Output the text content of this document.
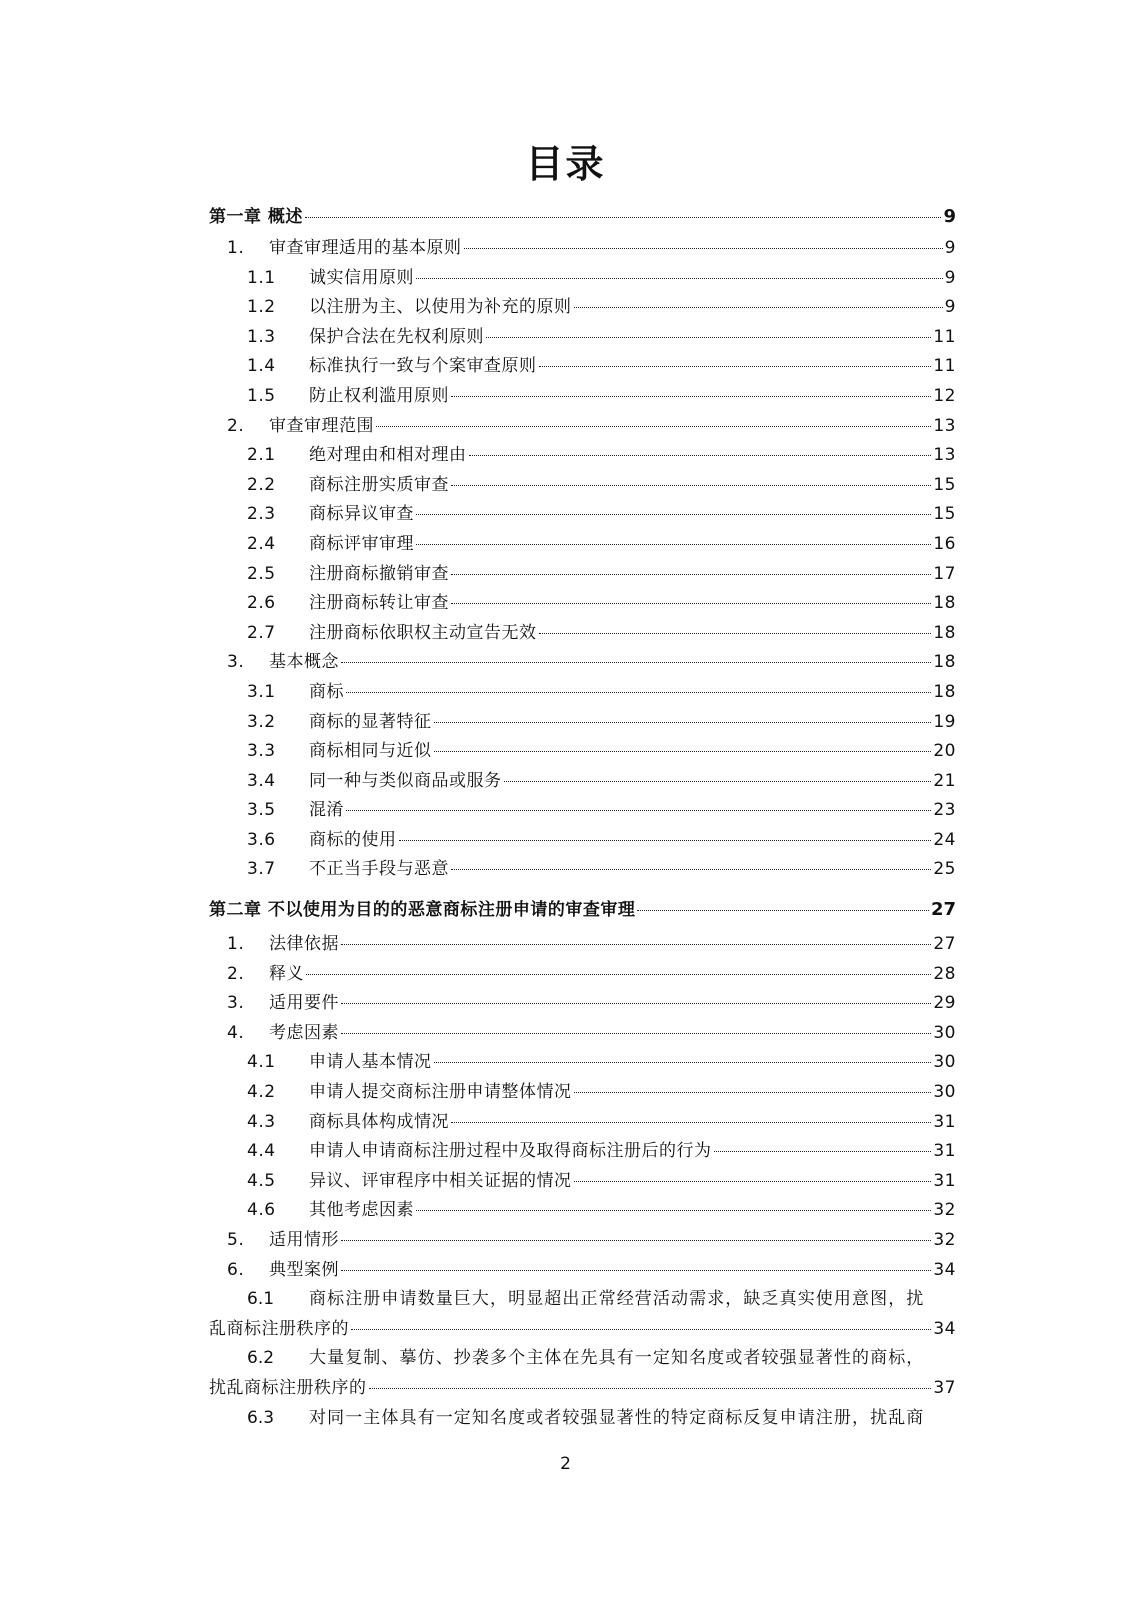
目录
第一章 概述	9
1.	审查审理适用的基本原则	9
1.1	诚实信用原则	9
1.2	以注册为主、以使用为补充的原则	9
1.3	保护合法在先权利原则	11
1.4	标准执行一致与个案审查原则	11
1.5	防止权利滥用原则	12
2.	审查审理范围	13
2.1	绝对理由和相对理由	13
2.2	商标注册实质审查	15
2.3	商标异议审查	15
2.4	商标评审审理	16
2.5	注册商标撤销审查	17
2.6	注册商标转让审查	18
2.7	注册商标依职权主动宣告无效	18
3.	基本概念	18
3.1	商标	18
3.2	商标的显著特征	19
3.3	商标相同与近似	20
3.4	同一种与类似商品或服务	21
3.5	混淆	23
3.6	商标的使用	24
3.7	不正当手段与恶意	25
第二章 不以使用为目的的恶意商标注册申请的审查审理	27
1.	法律依据	27
2.	释义	28
3.	适用要件	29
4.	考虑因素	30
4.1	申请人基本情况	30
4.2	申请人提交商标注册申请整体情况	30
4.3	商标具体构成情况	31
4.4	申请人申请商标注册过程中及取得商标注册后的行为	31
4.5	异议、评审程序中相关证据的情况	31
4.6	其他考虑因素	32
5.	适用情形	32
6.	典型案例	34
6.1	商标注册申请数量巨大，明显超出正常经营活动需求，缺乏真实使用意图，扰
乱商标注册秩序的	34
6.2	大量复制、摹仿、抄袭多个主体在先具有一定知名度或者较强显著性的商标，
扰乱商标注册秩序的	37
6.3	对同一主体具有一定知名度或者较强显著性的特定商标反复申请注册，扰乱商
2
